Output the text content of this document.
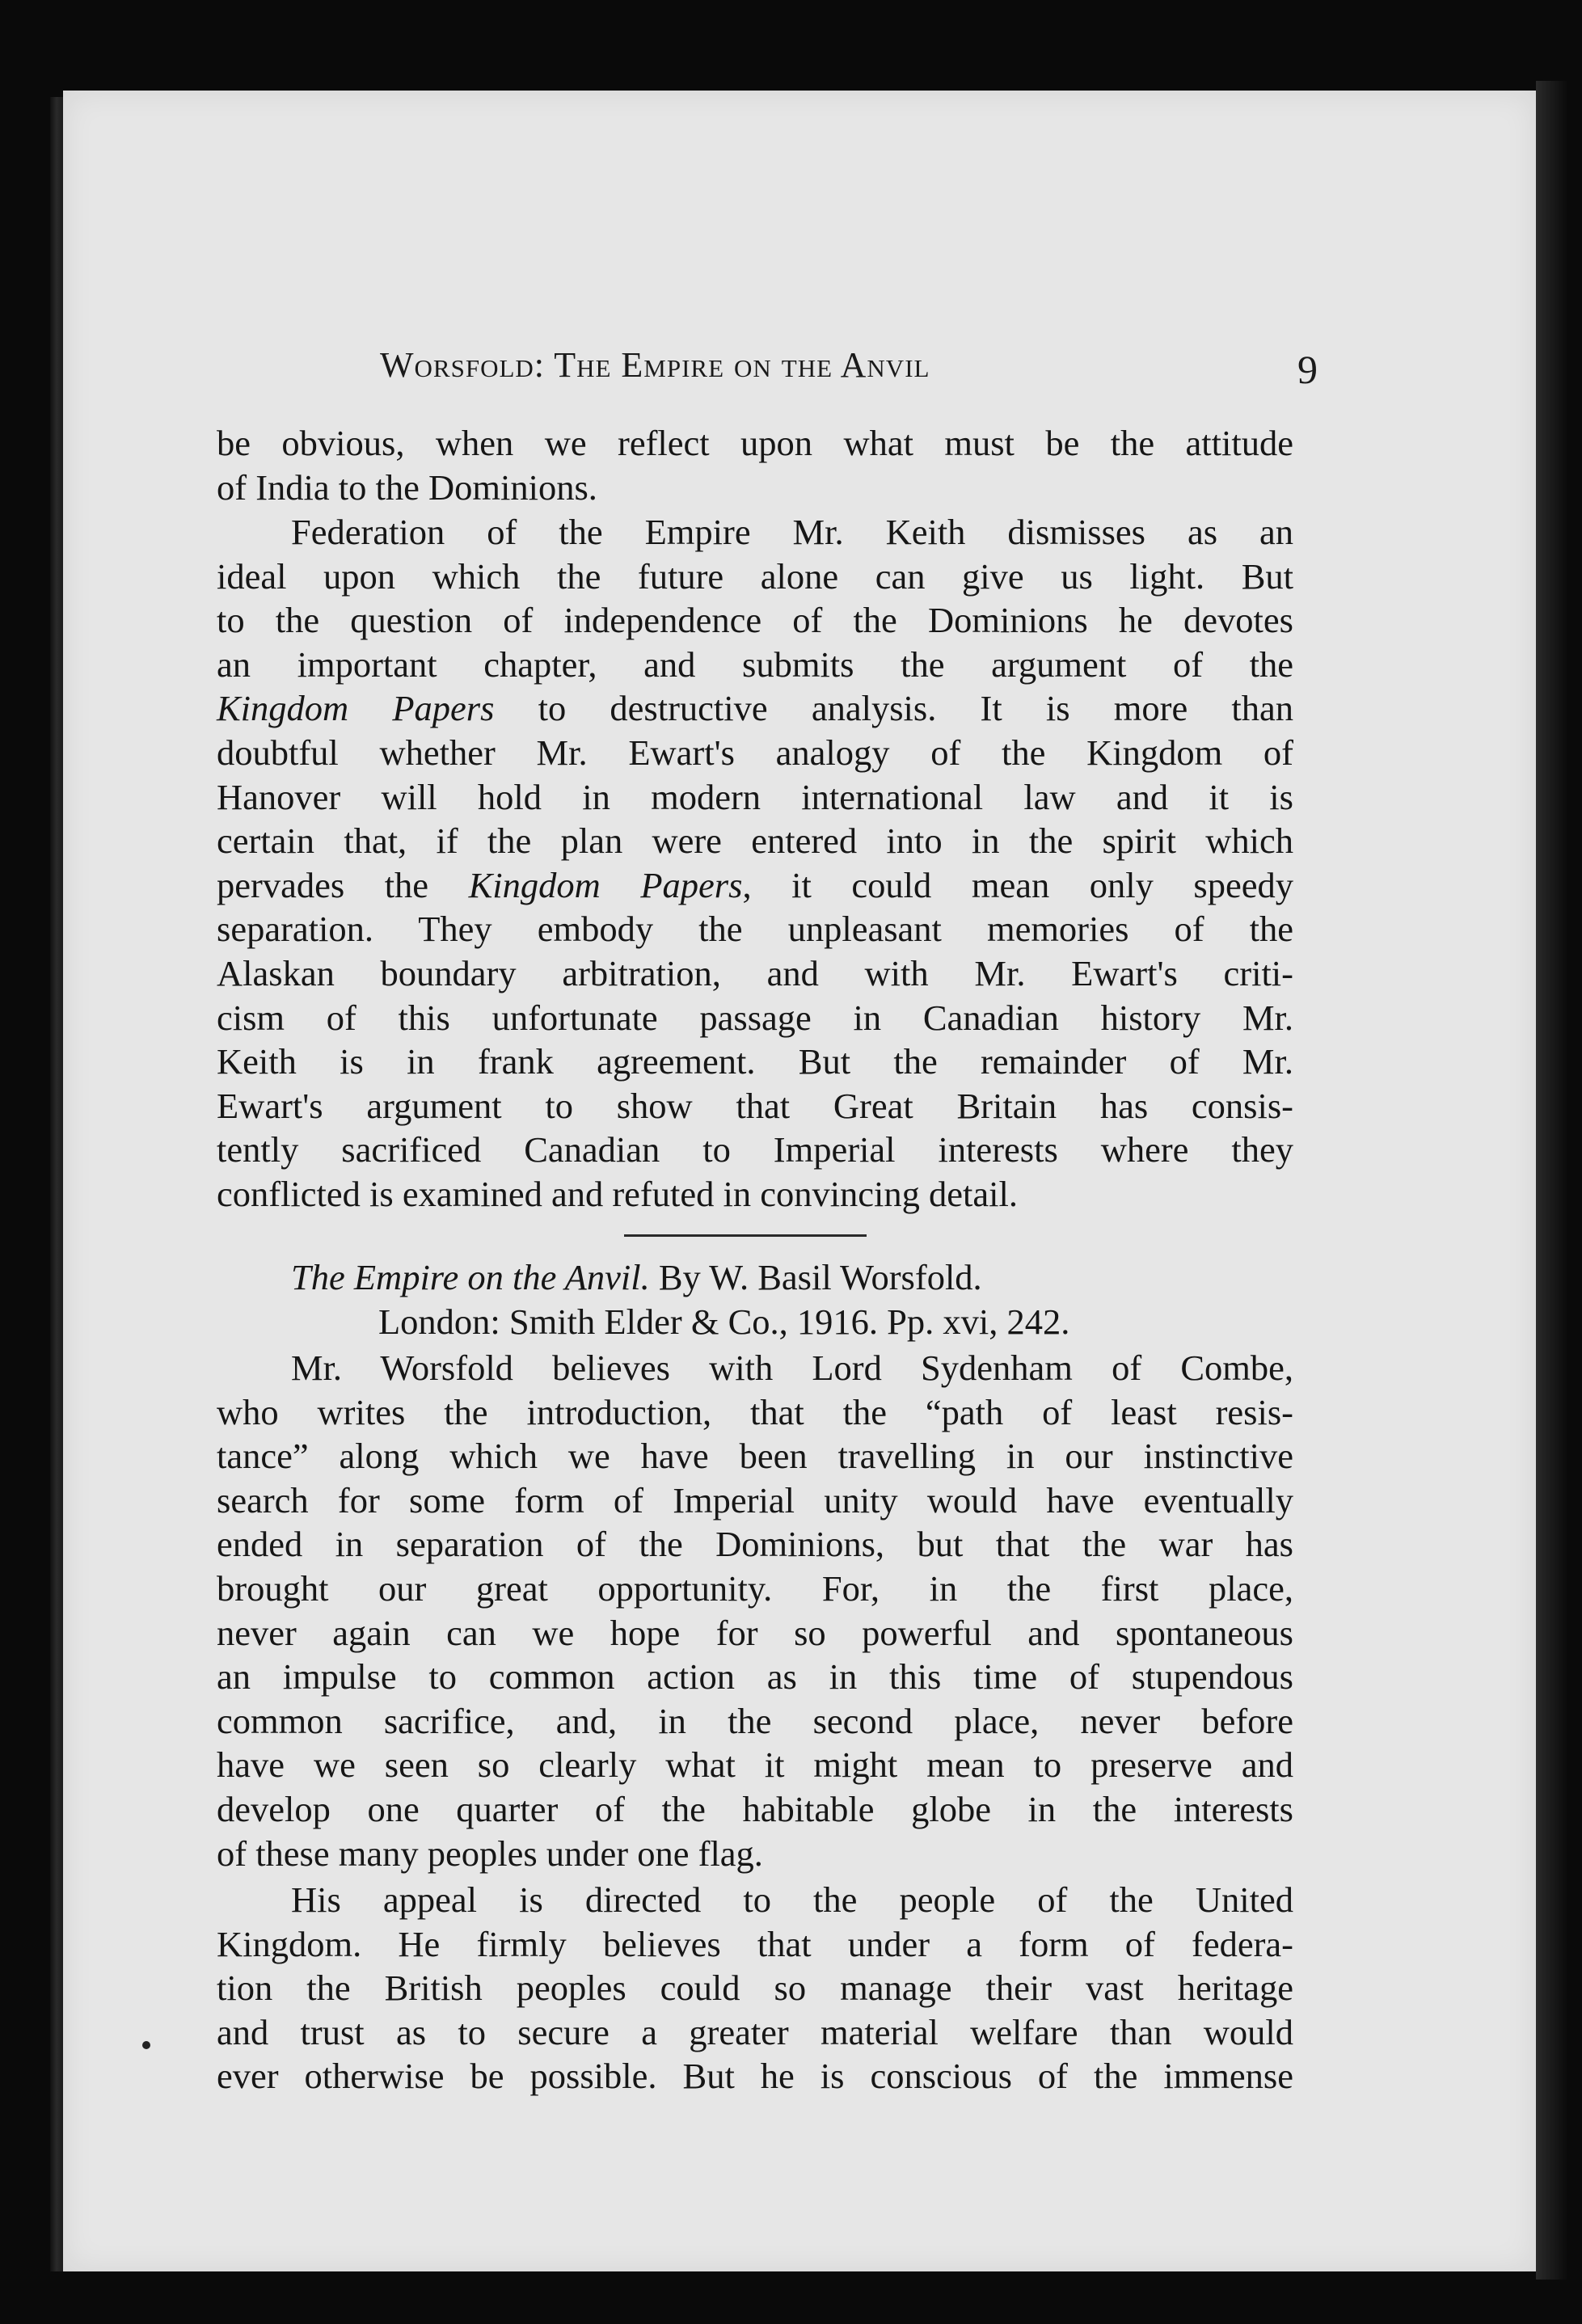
Worsfold: The Empire on the Anvil	9
be obvious, when we reflect upon what must be the attitude
of India to the Dominions.
Federation of the Empire Mr. Keith dismisses as an
ideal upon which the future alone can give us light. But
to the question of independence of the Dominions he devotes
an important chapter, and submits the argument of the
Kingdom Papers to destructive analysis. It is more than
doubtful whether Mr. Ewart's analogy of the Kingdom of
Hanover will hold in modern international law and it is
certain that, if the plan were entered into in the spirit which
pervades the Kingdom Papers, it could mean only speedy
separation. They embody the unpleasant memories of the
Alaskan boundary arbitration, and with Mr. Ewart's criti-
cism of this unfortunate passage in Canadian history Mr.
Keith is in frank agreement. But the remainder of Mr.
Ewart's argument to show that Great Britain has consis-
tently sacrificed Canadian to Imperial interests where they
conflicted is examined and refuted in convincing detail.
The Empire on the Anvil. By W. Basil Worsfold.
London: Smith Elder & Co., 1916. Pp. xvi, 242.
Mr. Worsfold believes with Lord Sydenham of Combe,
who writes the introduction, that the “path of least resis-
tance” along which we have been travelling in our instinctive
search for some form of Imperial unity would have eventually
ended in separation of the Dominions, but that the war has
brought our great opportunity. For, in the first place,
never again can we hope for so powerful and spontaneous
an impulse to common action as in this time of stupendous
common sacrifice, and, in the second place, never before
have we seen so clearly what it might mean to preserve and
develop one quarter of the habitable globe in the interests
of these many peoples under one flag.
His appeal is directed to the people of the United
Kingdom. He firmly believes that under a form of federa-
tion the British peoples could so manage their vast heritage
and trust as to secure a greater material welfare than would
ever otherwise be possible. But he is conscious of the immense
